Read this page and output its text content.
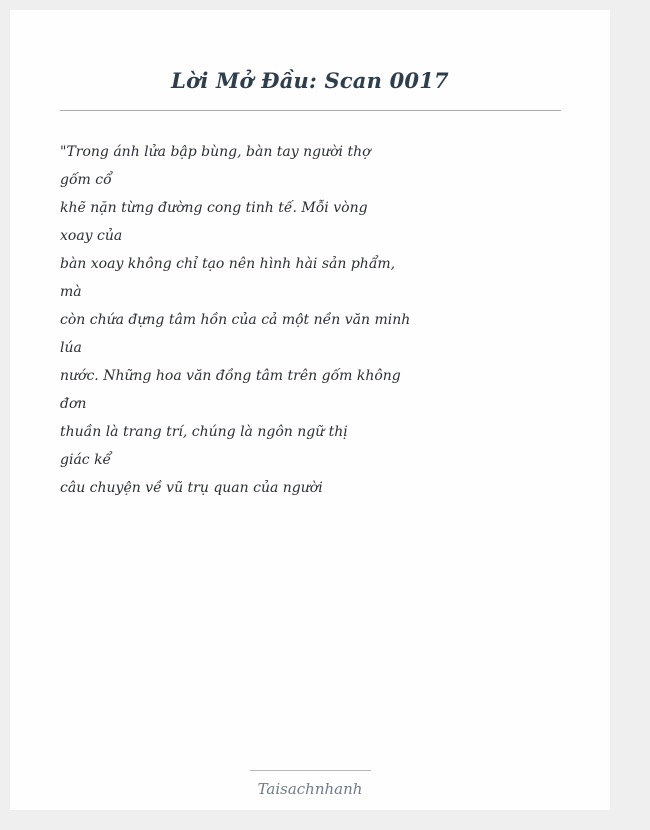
Lời Mở Đầu: Scan 0017
"Trong ánh lửa bập bùng, bàn tay người thợ
gốm cổ
khẽ nặn từng đường cong tinh tế. Mỗi vòng
xoay của
bàn xoay không chỉ tạo nên hình hài sản phẩm,
mà
còn chứa đựng tâm hồn của cả một nền văn minh
lúa
nước. Những hoa văn đồng tâm trên gốm không
đơn
thuần là trang trí, chúng là ngôn ngữ thị
giác kể
câu chuyện về vũ trụ quan của người

Taisachnhanh
